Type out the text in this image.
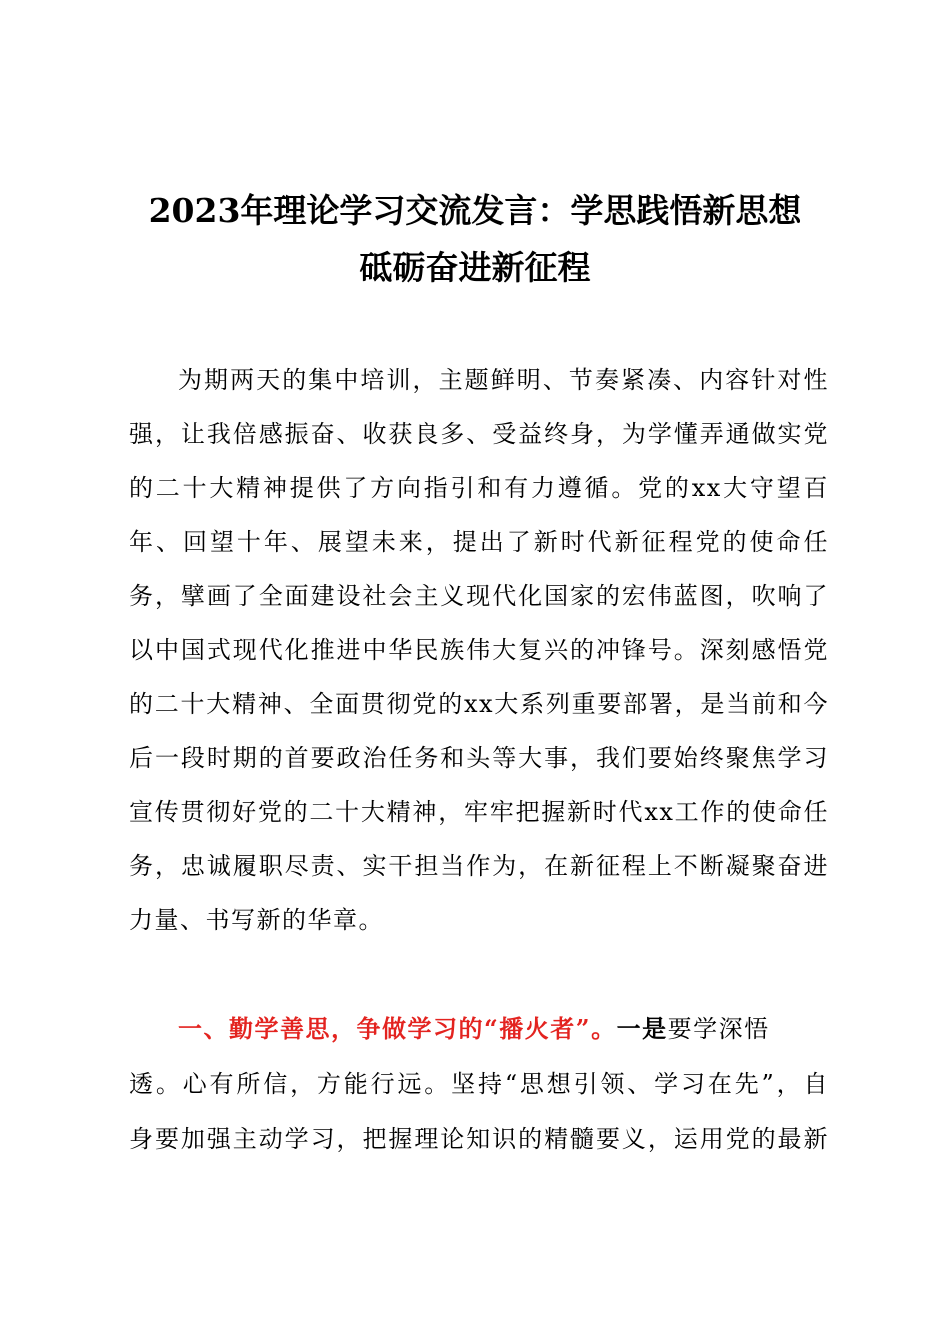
2023年理论学习交流发言：学思践悟新思想
砥砺奋进新征程
为期两天的集中培训，主题鲜明、节奏紧凑、内容针对性
强，让我倍感振奋、收获良多、受益终身，为学懂弄通做实党
的二十大精神提供了方向指引和有力遵循。党的xx大守望百
年、回望十年、展望未来，提出了新时代新征程党的使命任
务，擘画了全面建设社会主义现代化国家的宏伟蓝图，吹响了
以中国式现代化推进中华民族伟大复兴的冲锋号。深刻感悟党
的二十大精神、全面贯彻党的xx大系列重要部署，是当前和今
后一段时期的首要政治任务和头等大事，我们要始终聚焦学习
宣传贯彻好党的二十大精神，牢牢把握新时代xx工作的使命任
务，忠诚履职尽责、实干担当作为，在新征程上不断凝聚奋进
力量、书写新的华章。
一、勤学善思，争做学习的“播火者”。一是要学深悟
透。心有所信，方能行远。坚持“思想引领、学习在先”，自
身要加强主动学习，把握理论知识的精髓要义，运用党的最新
